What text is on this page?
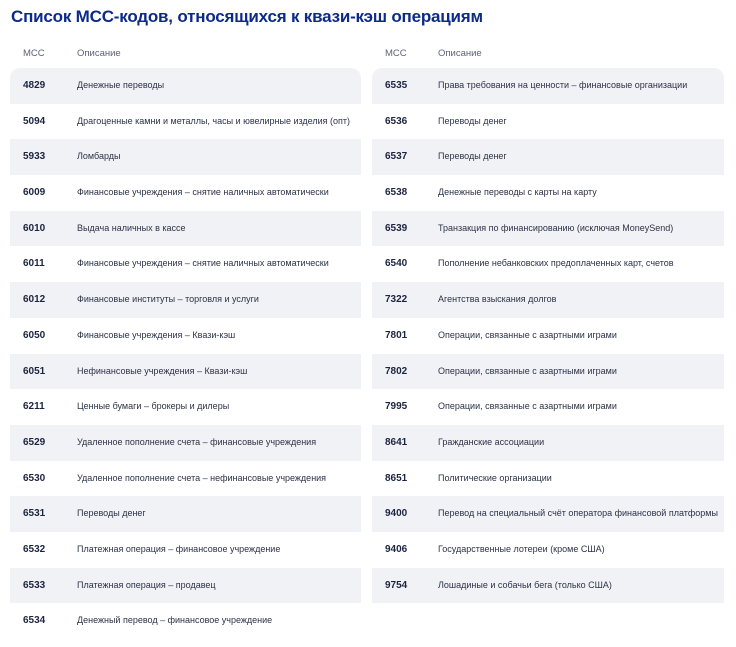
Список МСС-кодов, относящихся к квази-кэш операциям
МСС	Описание
4829	Денежные переводы
5094	Драгоценные камни и металлы, часы и ювелирные изделия (опт)
5933	Ломбарды
6009	Финансовые учреждения – снятие наличных автоматически
6010	Выдача наличных в кассе
6011	Финансовые учреждения – снятие наличных автоматически
6012	Финансовые институты – торговля и услуги
6050	Финансовые учреждения – Квази-кэш
6051	Нефинансовые учреждения – Квази-кэш
6211	Ценные бумаги – брокеры и дилеры
6529	Удаленное пополнение счета – финансовые учреждения
6530	Удаленное пополнение счета – нефинансовые учреждения
6531	Переводы денег
6532	Платежная операция – финансовое учреждение
6533	Платежная операция – продавец
6534	Денежный перевод – финансовое учреждение
МСС	Описание
6535	Права требования на ценности – финансовые организации
6536	Переводы денег
6537	Переводы денег
6538	Денежные переводы с карты на карту
6539	Транзакция по финансированию (исключая MoneySend)
6540	Пополнение небанковских предоплаченных карт, счетов
7322	Агентства взыскания долгов
7801	Операции, связанные с азартными играми
7802	Операции, связанные с азартными играми
7995	Операции, связанные с азартными играми
8641	Гражданские ассоциации
8651	Политические организации
9400	Перевод на специальный счёт оператора финансовой платформы
9406	Государственные лотереи (кроме США)
9754	Лошадиные и собачьи бега (только США)
